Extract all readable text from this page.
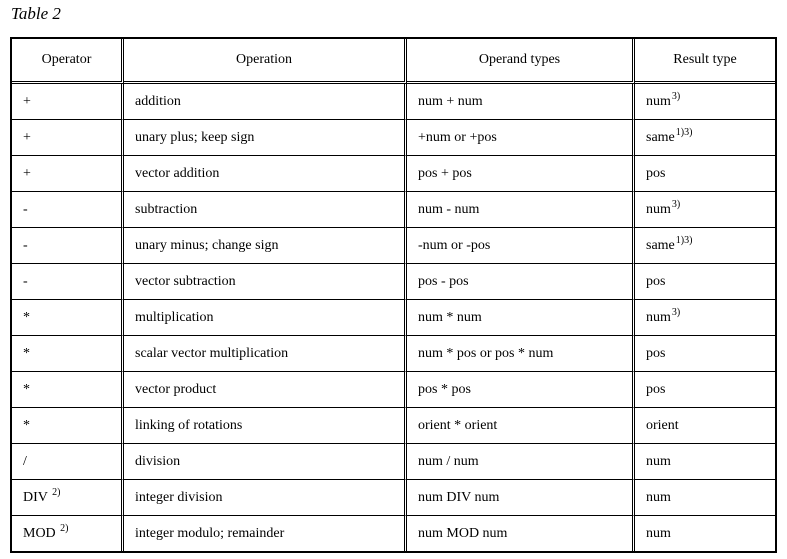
Table 2

Operator	Operation	Operand types	Result type
+	addition	num + num	num$^{3)}$
+	unary plus; keep sign	+num or +pos	same$^{1)3)}$
+	vector addition	pos + pos	pos
-	subtraction	num - num	num$^{3)}$
-	unary minus; change sign	-num or -pos	same$^{1)3)}$
-	vector subtraction	pos - pos	pos
*	multiplication	num * num	num$^{3)}$
*	scalar vector multiplication	num * pos or pos * num	pos
*	vector product	pos * pos	pos
*	linking of rotations	orient * orient	orient
/	division	num / num	num
DIV $^{2)}$	integer division	num DIV num	num
MOD $^{2)}$	integer modulo; remainder	num MOD num	num
